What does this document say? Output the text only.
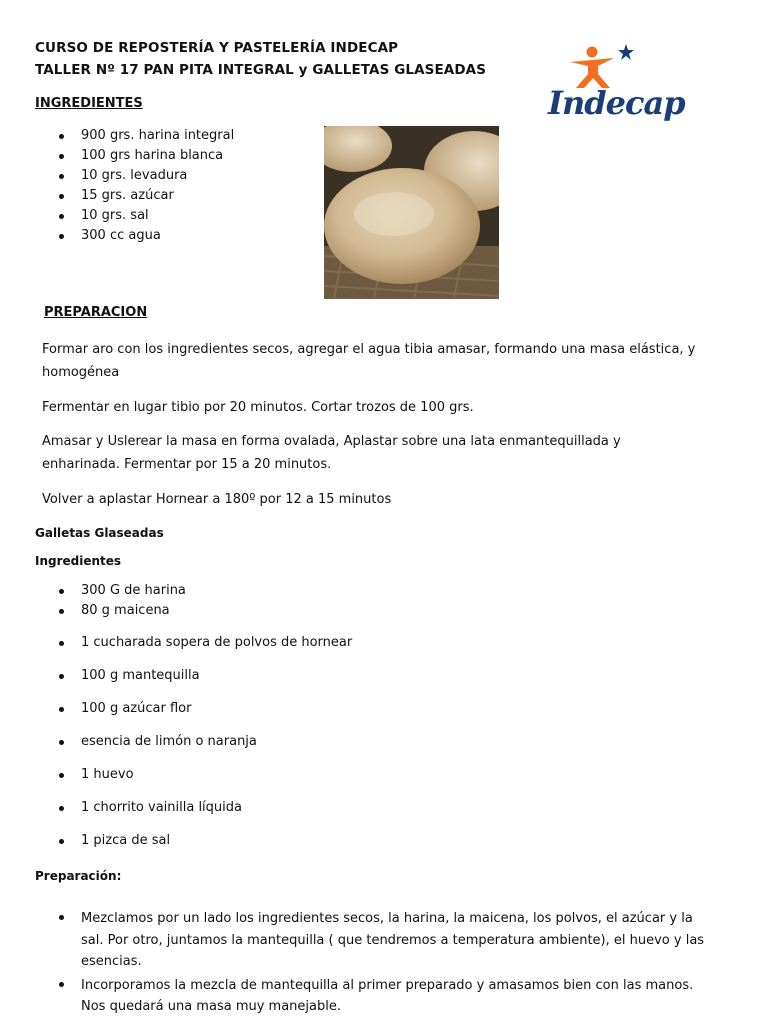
CURSO DE REPOSTERÍA Y PASTELERÍA INDECAP
TALLER Nº 17 PAN PITA INTEGRAL y GALLETAS GLASEADAS
Indecap
INGREDIENTES
900 grs. harina integral
100 grs harina blanca
10 grs. levadura
15 grs. azúcar
10 grs. sal
300 cc agua
PREPARACION

Formar aro con los ingredientes secos, agregar el agua tibia amasar, formando una masa elástica, y homogénea

Fermentar en lugar tibio por 20 minutos. Cortar trozos de 100 grs.

Amasar y Uslerear la masa en forma ovalada, Aplastar sobre una lata enmantequillada y enharinada. Fermentar por 15 a 20 minutos.

Volver a aplastar Hornear a 180º por 12 a 15 minutos

Galletas Glaseadas
Ingredientes
300 G de harina
80 g maicena
1 cucharada sopera de polvos de hornear
100 g mantequilla
100 g azúcar flor
esencia de limón o naranja
1 huevo
1 chorrito vainilla líquida
1 pizca de sal
Preparación:
Mezclamos por un lado los ingredientes secos, la harina, la maicena, los polvos, el azúcar y la sal. Por otro, juntamos la mantequilla ( que tendremos a temperatura ambiente), el huevo y las esencias.
Incorporamos la mezcla de mantequilla al primer preparado y amasamos bien con las manos. Nos quedará una masa muy manejable.
